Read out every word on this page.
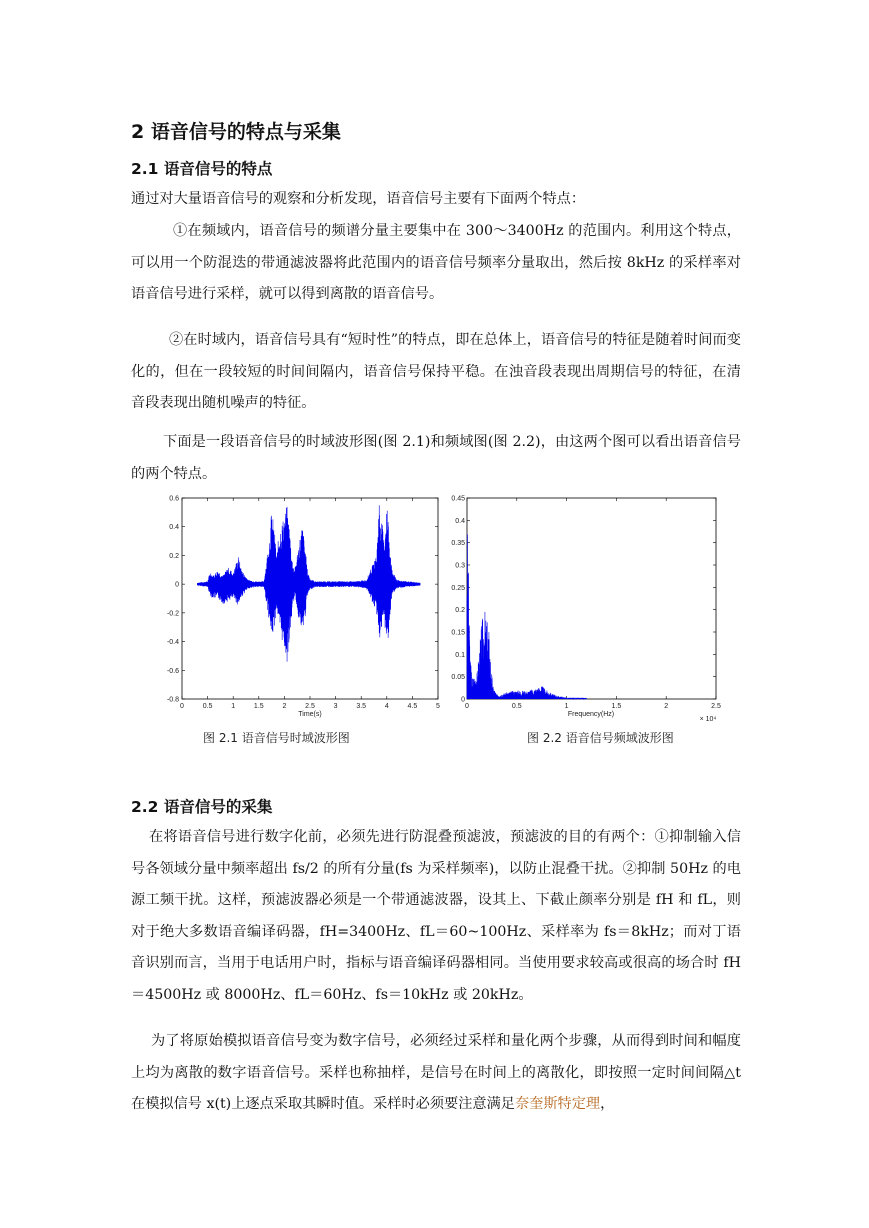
2 语音信号的特点与采集
2.1 语音信号的特点
通过对大量语音信号的观察和分析发现，语音信号主要有下面两个特点：
①在频域内，语音信号的频谱分量主要集中在 300～3400Hz 的范围内。利用这个特点，可以用一个防混迭的带通滤波器将此范围内的语音信号频率分量取出，然后按 8kHz 的采样率对语音信号进行采样，就可以得到离散的语音信号。
②在时域内，语音信号具有“短时性”的特点，即在总体上，语音信号的特征是随着时间而变化的，但在一段较短的时间间隔内，语音信号保持平稳。在浊音段表现出周期信号的特征，在清音段表现出随机噪声的特征。
下面是一段语音信号的时域波形图(图 2.1)和频域图(图 2.2)，由这两个图可以看出语音信号的两个特点。
0	0.5	1	1.5	2	2.5	3	3.5	4	4.5	5
0.6
0.4
0.2
0
-0.2
-0.4
-0.6
-0.8
Time(s)
图 2.1 语音信号时域波形图
0	0.5	1	1.5	2	2.5
0.45
0.4
0.35
0.3
0.25
0.2
0.15
0.1
0.05
0
Frequency(Hz)
× 10⁴
图 2.2 语音信号频域波形图
2.2 语音信号的采集
在将语音信号进行数字化前，必须先进行防混叠预滤波，预滤波的目的有两个：①抑制输入信号各领域分量中频率超出 fs/2 的所有分量(fs 为采样频率)，以防止混叠干扰。②抑制 50Hz 的电源工频干扰。这样，预滤波器必须是一个带通滤波器，设其上、下截止颜率分别是 fH 和 fL，则对于绝大多数语音编译码器，fH=3400Hz、fL＝60~100Hz、采样率为 fs＝8kHz；而对丁语音识别而言，当用于电话用户时，指标与语音编译码器相同。当使用要求较高或很高的场合时 fH＝4500Hz 或 8000Hz、fL＝60Hz、fs＝10kHz 或 20kHz。
为了将原始模拟语音信号变为数字信号，必须经过采样和量化两个步骤，从而得到时间和幅度上均为离散的数字语音信号。采样也称抽样，是信号在时间上的离散化，即按照一定时间间隔△t 在模拟信号 x(t)上逐点采取其瞬时值。采样时必须要注意满足奈奎斯特定理，
